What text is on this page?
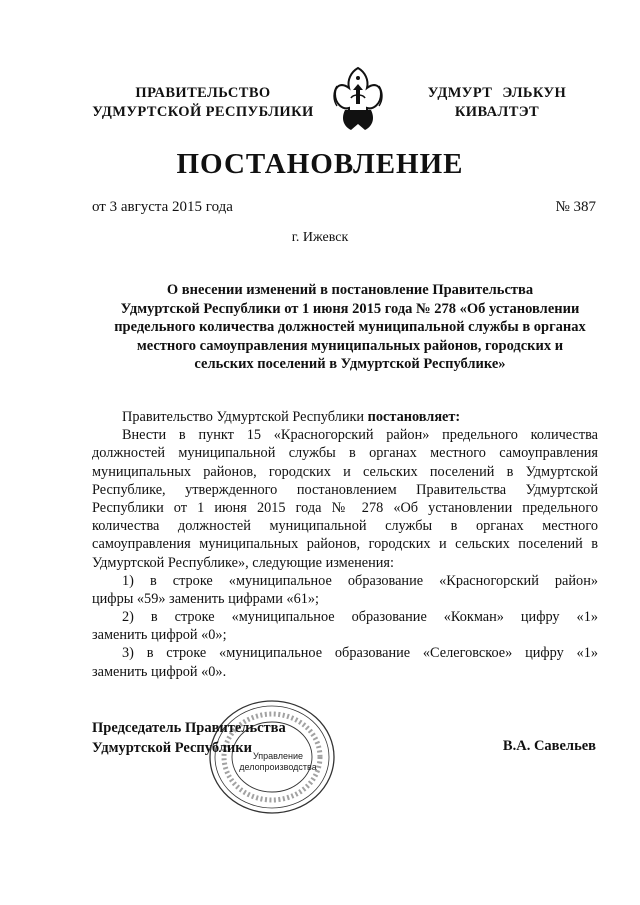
ПРАВИТЕЛЬСТВО
УДМУРТСКОЙ РЕСПУБЛИКИ
УДМУРТ ЭЛЬКУН
КИВАЛТЭТ
ПОСТАНОВЛЕНИЕ
от 3 августа 2015 года	№ 387
г. Ижевск
О внесении изменений в постановление Правительства
Удмуртской Республики от 1 июня 2015 года № 278 «Об установлении
предельного количества должностей муниципальной службы в органах
местного самоуправления муниципальных районов, городских и
сельских поселений в Удмуртской Республике»
Правительство Удмуртской Республики постановляет:
Внести в пункт 15 «Красногорский район» предельного количества
должностей муниципальной службы в органах местного самоуправления
муниципальных районов, городских и сельских поселений в Удмуртской
Республике, утвержденного постановлением Правительства Удмуртской
Республики от 1 июня 2015 года № 278 «Об установлении предельного
количества должностей муниципальной службы в органах местного
самоуправления муниципальных районов, городских и сельских поселений в
Удмуртской Республике», следующие изменения:
1) в строке «муниципальное образование «Красногорский район»
цифры «59» заменить цифрами «61»;
2) в строке «муниципальное образование «Кокман» цифру «1»
заменить цифрой «0»;
3) в строке «муниципальное образование «Селеговское» цифру «1»
заменить цифрой «0».
Управление
делопроизводства
Председатель Правительства
Удмуртской Республики	В.А. Савельев
